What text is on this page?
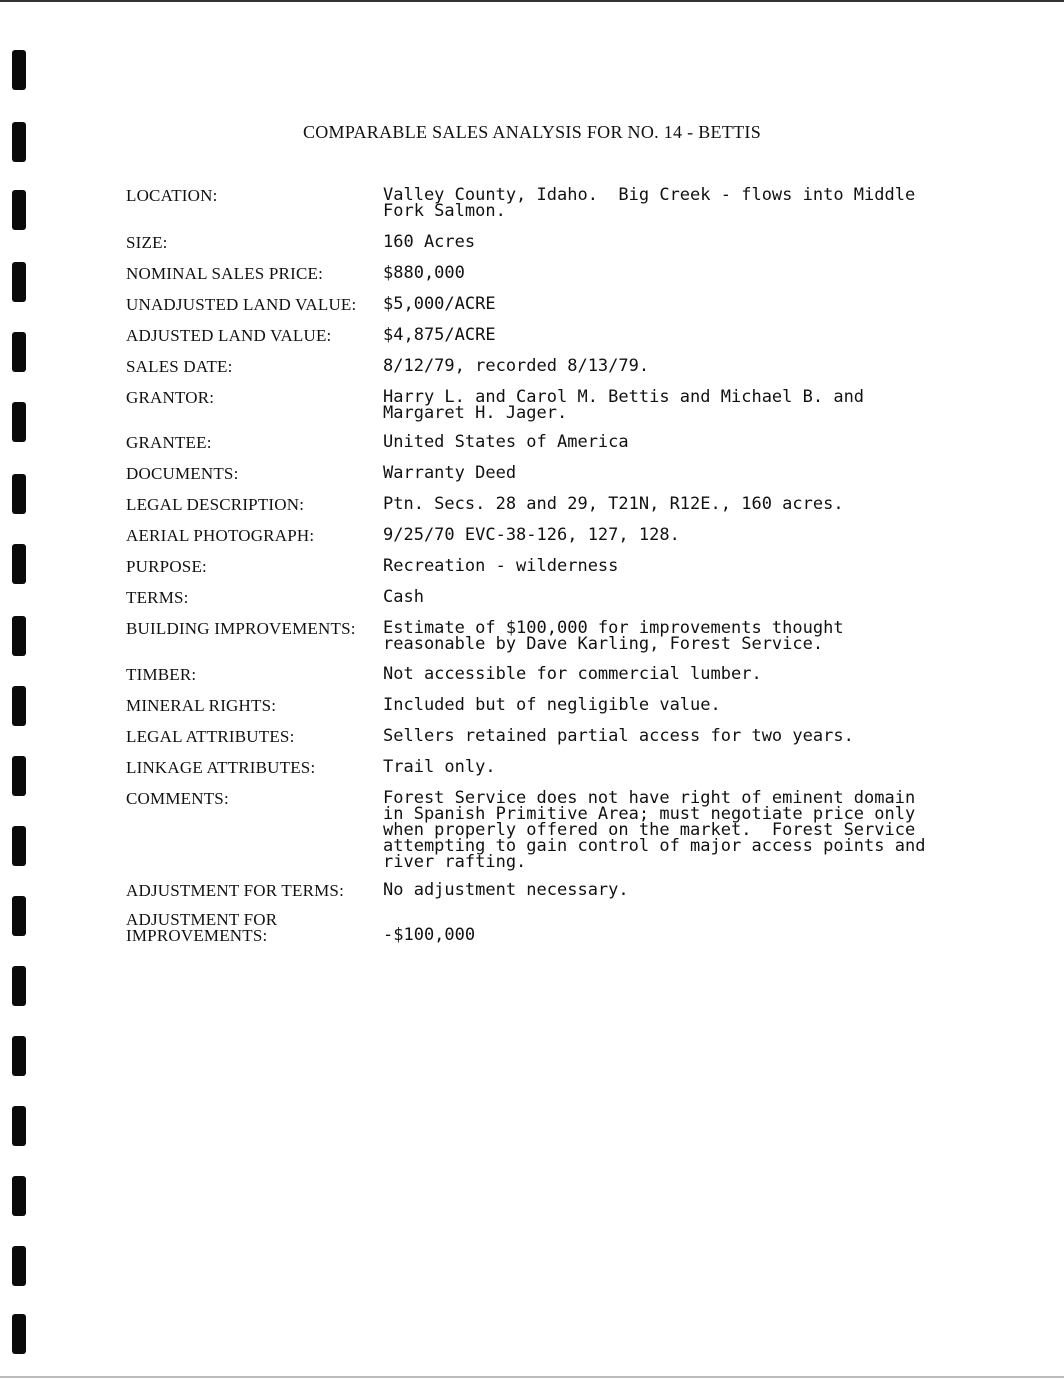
COMPARABLE SALES ANALYSIS FOR NO. 14 - BETTIS
LOCATION:	Valley County, Idaho.  Big Creek - flows into Middle
Fork Salmon.
SIZE:	160 Acres
NOMINAL SALES PRICE:	$880,000
UNADJUSTED LAND VALUE:	$5,000/ACRE
ADJUSTED LAND VALUE:	$4,875/ACRE
SALES DATE:	8/12/79, recorded 8/13/79.
GRANTOR:	Harry L. and Carol M. Bettis and Michael B. and
Margaret H. Jager.
GRANTEE:	United States of America
DOCUMENTS:	Warranty Deed
LEGAL DESCRIPTION:	Ptn. Secs. 28 and 29, T21N, R12E., 160 acres.
AERIAL PHOTOGRAPH:	9/25/70 EVC-38-126, 127, 128.
PURPOSE:	Recreation - wilderness
TERMS:	Cash
BUILDING IMPROVEMENTS:	Estimate of $100,000 for improvements thought
reasonable by Dave Karling, Forest Service.
TIMBER:	Not accessible for commercial lumber.
MINERAL RIGHTS:	Included but of negligible value.
LEGAL ATTRIBUTES:	Sellers retained partial access for two years.
LINKAGE ATTRIBUTES:	Trail only.
COMMENTS:	Forest Service does not have right of eminent domain
in Spanish Primitive Area; must negotiate price only
when properly offered on the market.  Forest Service
attempting to gain control of major access points and
river rafting.
ADJUSTMENT FOR TERMS:	No adjustment necessary.
ADJUSTMENT FOR
IMPROVEMENTS:	
-$100,000
